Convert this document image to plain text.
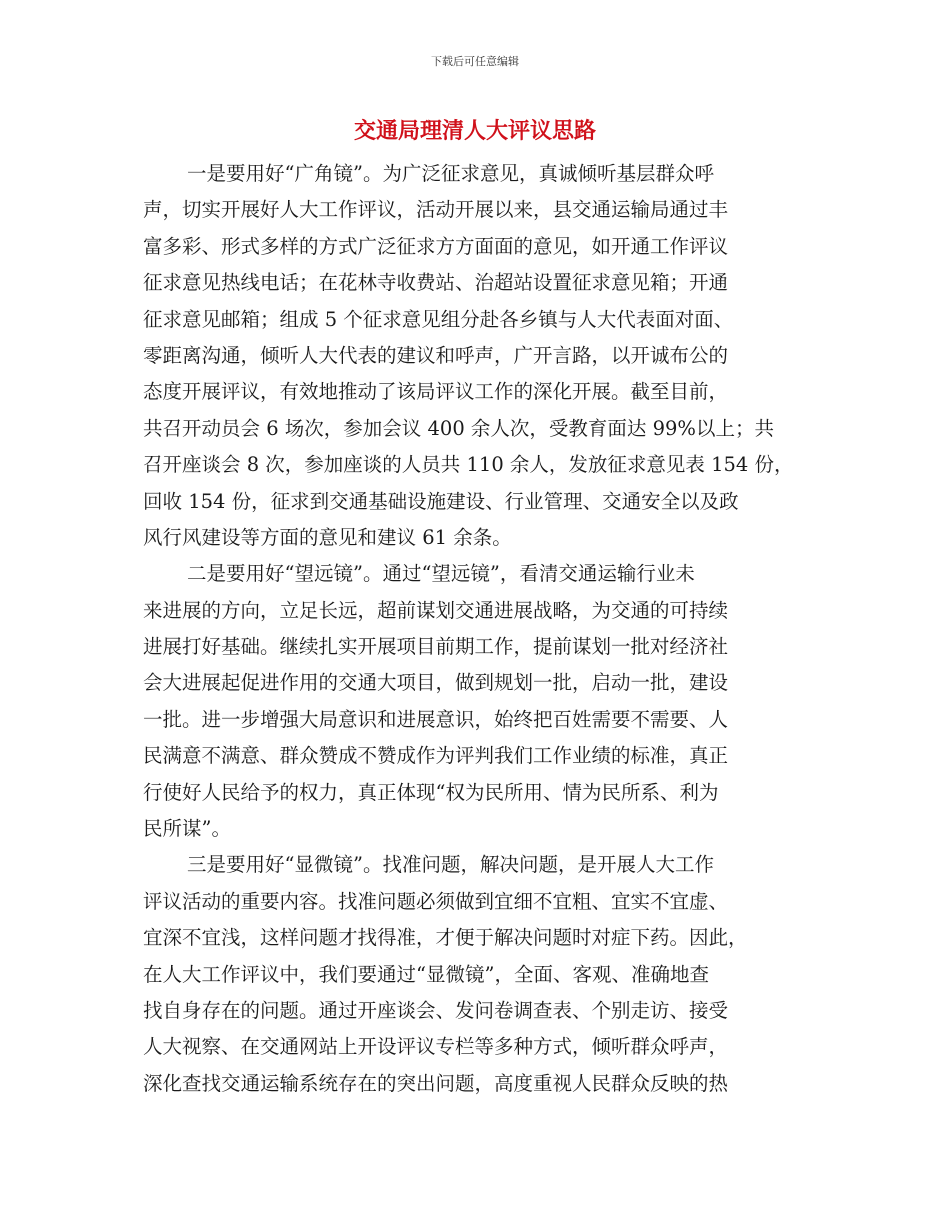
下载后可任意编辑
交通局理清人大评议思路
一是要用好“广角镜”。为广泛征求意见，真诚倾听基层群众呼
声，切实开展好人大工作评议，活动开展以来，县交通运输局通过丰
富多彩、形式多样的方式广泛征求方方面面的意见，如开通工作评议
征求意见热线电话；在花林寺收费站、治超站设置征求意见箱；开通
征求意见邮箱；组成 5 个征求意见组分赴各乡镇与人大代表面对面、
零距离沟通，倾听人大代表的建议和呼声，广开言路，以开诚布公的
态度开展评议，有效地推动了该局评议工作的深化开展。截至目前，
共召开动员会 6 场次，参加会议 400 余人次，受教育面达 99%以上；共
召开座谈会 8 次，参加座谈的人员共 110 余人，发放征求意见表 154 份，
回收 154 份，征求到交通基础设施建设、行业管理、交通安全以及政
风行风建设等方面的意见和建议 61 余条。
二是要用好“望远镜”。通过“望远镜”，看清交通运输行业未
来进展的方向，立足长远，超前谋划交通进展战略，为交通的可持续
进展打好基础。继续扎实开展项目前期工作，提前谋划一批对经济社
会大进展起促进作用的交通大项目，做到规划一批，启动一批，建设
一批。进一步增强大局意识和进展意识，始终把百姓需要不需要、人
民满意不满意、群众赞成不赞成作为评判我们工作业绩的标准，真正
行使好人民给予的权力，真正体现“权为民所用、情为民所系、利为
民所谋”。
三是要用好“显微镜”。找准问题，解决问题，是开展人大工作
评议活动的重要内容。找准问题必须做到宜细不宜粗、宜实不宜虚、
宜深不宜浅，这样问题才找得准，才便于解决问题时对症下药。因此，
在人大工作评议中，我们要通过“显微镜”，全面、客观、准确地查
找自身存在的问题。通过开座谈会、发问卷调查表、个别走访、接受
人大视察、在交通网站上开设评议专栏等多种方式，倾听群众呼声，
深化查找交通运输系统存在的突出问题，高度重视人民群众反映的热
